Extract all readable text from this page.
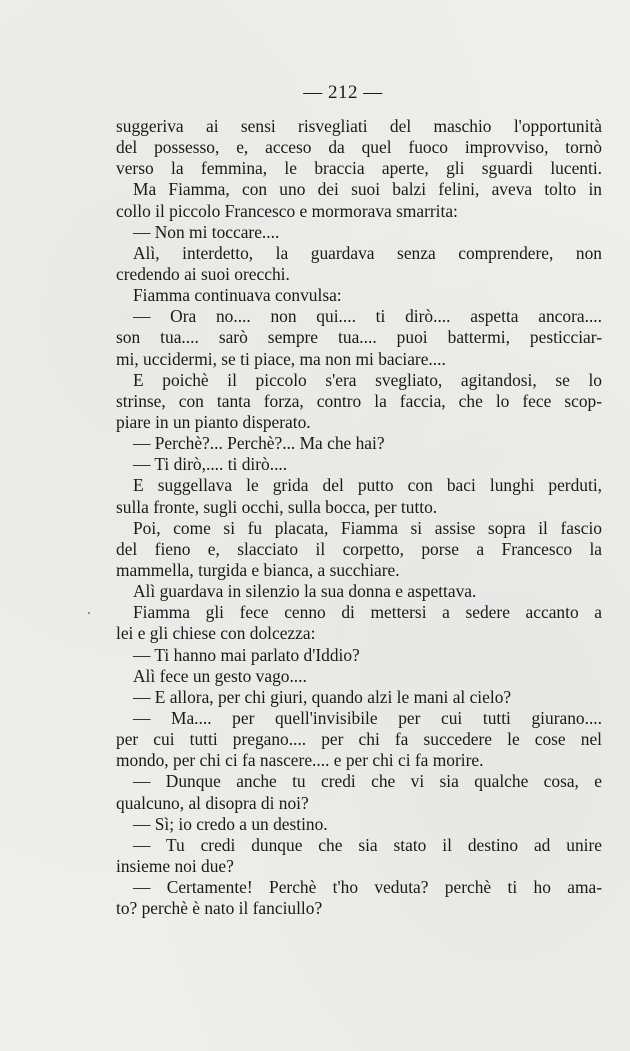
— 212 —
suggeriva ai sensi risvegliati del maschio l'opportunità
del possesso, e, acceso da quel fuoco improvviso, tornò
verso la femmina, le braccia aperte, gli sguardi lucenti.
Ma Fiamma, con uno dei suoi balzi felini, aveva tolto in
collo il piccolo Francesco e mormorava smarrita:
— Non mi toccare....
Alì, interdetto, la guardava senza comprendere, non
credendo ai suoi orecchi.
Fiamma continuava convulsa:
— Ora no.... non qui.... ti dirò.... aspetta ancora....
son tua.... sarò sempre tua.... puoi battermi, pesticciar-
mi, uccidermi, se ti piace, ma non mi baciare....
E poichè il piccolo s'era svegliato, agitandosi, se lo
strinse, con tanta forza, contro la faccia, che lo fece scop-
piare in un pianto disperato.
— Perchè?... Perchè?... Ma che hai?
— Ti dirò,.... ti dirò....
E suggellava le grida del putto con baci lunghi perduti,
sulla fronte, sugli occhi, sulla bocca, per tutto.
Poi, come si fu placata, Fiamma si assise sopra il fascio
del fieno e, slacciato il corpetto, porse a Francesco la
mammella, turgida e bianca, a succhiare.
Alì guardava in silenzio la sua donna e aspettava.
Fiamma gli fece cenno di mettersi a sedere accanto a
lei e gli chiese con dolcezza:
— Ti hanno mai parlato d'Iddio?
Alì fece un gesto vago....
— E allora, per chi giuri, quando alzi le mani al cielo?
— Ma.... per quell'invisibile per cui tutti giurano....
per cui tutti pregano.... per chi fa succedere le cose nel
mondo, per chi ci fa nascere.... e per chi ci fa morire.
— Dunque anche tu credi che vi sia qualche cosa, e
qualcuno, al disopra di noi?
— Sì; io credo a un destino.
— Tu credi dunque che sia stato il destino ad unire
insieme noi due?
— Certamente! Perchè t'ho veduta? perchè ti ho ama-
to? perchè è nato il fanciullo?
